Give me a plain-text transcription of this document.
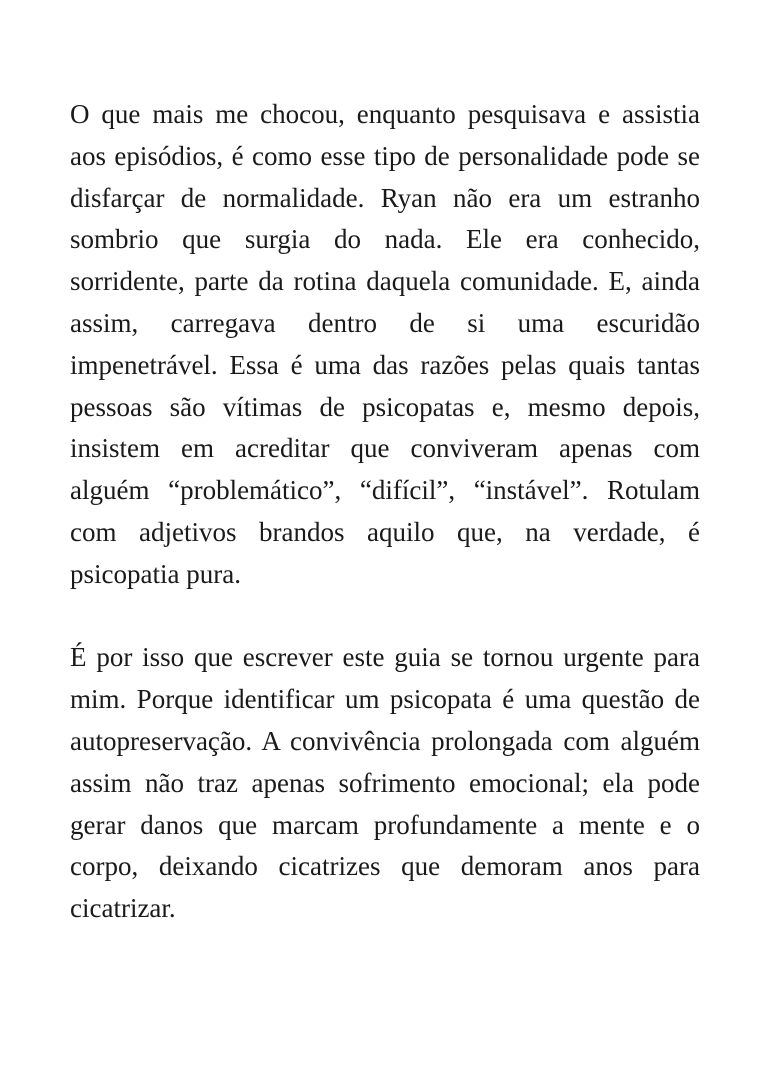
O que mais me chocou, enquanto pesquisava e assistia aos episódios, é como esse tipo de personalidade pode se disfarçar de normalidade. Ryan não era um estranho sombrio que surgia do nada. Ele era conhecido, sorridente, parte da rotina daquela comunidade. E, ainda assim, carregava dentro de si uma escuridão impenetrável. Essa é uma das razões pelas quais tantas pessoas são vítimas de psicopatas e, mesmo depois, insistem em acreditar que conviveram apenas com alguém “problemático”, “difícil”, “instável”. Rotulam com adjetivos brandos aquilo que, na verdade, é psicopatia pura.

É por isso que escrever este guia se tornou urgente para mim. Porque identificar um psicopata é uma questão de autopreservação. A convivência prolongada com alguém assim não traz apenas sofrimento emocional; ela pode gerar danos que marcam profundamente a mente e o corpo, deixando cicatrizes que demoram anos para cicatrizar.
